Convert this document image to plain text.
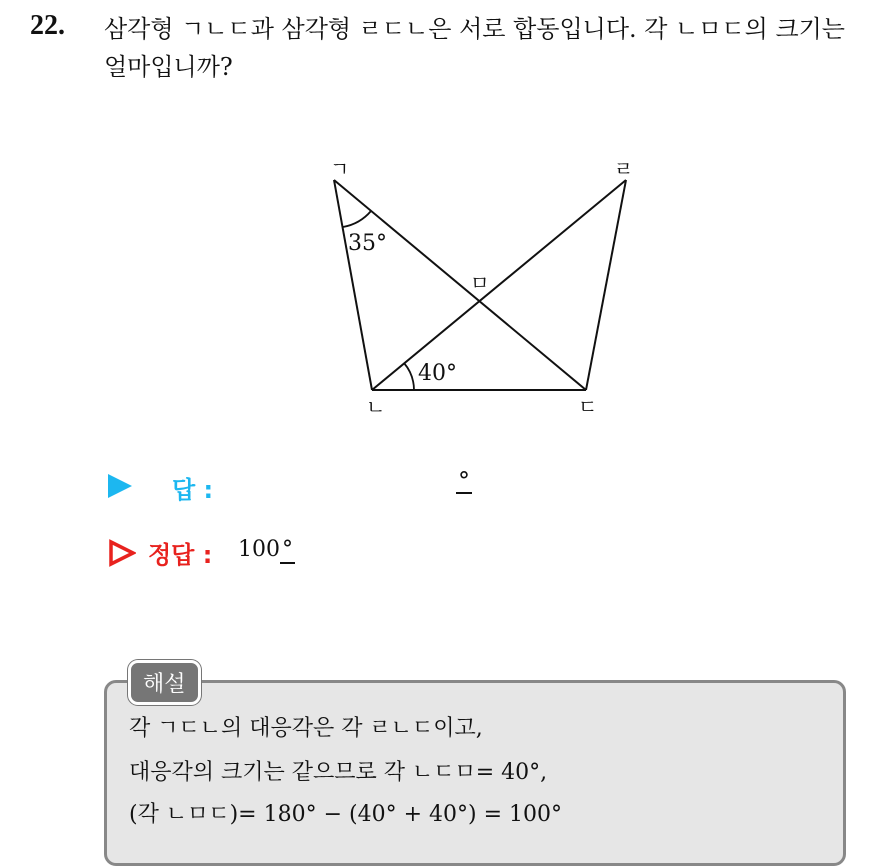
22. 삼각형 ㄱㄴㄷ과 삼각형 ㄹㄷㄴ은 서로 합동입니다. 각 ㄴㅁㄷ의 크기는 얼마입니까?
ㄱ	ㄹ
ㅁ
ㄴ	ㄷ
35°
40°
답 :	°
정답 : 100°
해설
각 ㄱㄷㄴ의 대응각은 각 ㄹㄴㄷ이고,
대응각의 크기는 같으므로 각 ㄴㄷㅁ= 40°,
(각 ㄴㅁㄷ)= 180° − (40° + 40°) = 100°
